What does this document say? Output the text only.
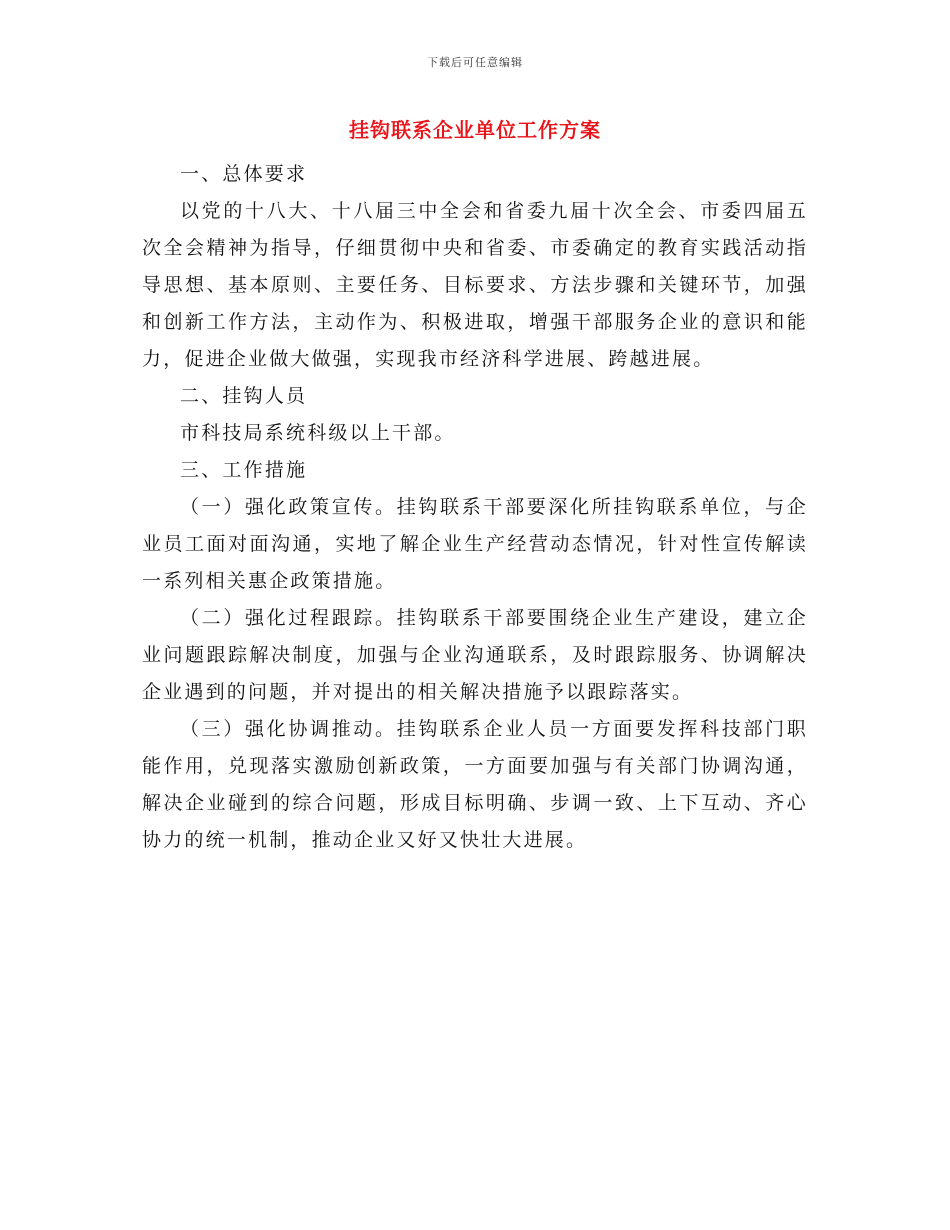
下载后可任意编辑
挂钩联系企业单位工作方案

一、总体要求

以党的十八大、十八届三中全会和省委九届十次全会、市委四届五次全会精神为指导，仔细贯彻中央和省委、市委确定的教育实践活动指导思想、基本原则、主要任务、目标要求、方法步骤和关键环节，加强和创新工作方法，主动作为、积极进取，增强干部服务企业的意识和能力，促进企业做大做强，实现我市经济科学进展、跨越进展。

二、挂钩人员

市科技局系统科级以上干部。

三、工作措施

（一）强化政策宣传。挂钩联系干部要深化所挂钩联系单位，与企业员工面对面沟通，实地了解企业生产经营动态情况，针对性宣传解读一系列相关惠企政策措施。

（二）强化过程跟踪。挂钩联系干部要围绕企业生产建设，建立企业问题跟踪解决制度，加强与企业沟通联系，及时跟踪服务、协调解决企业遇到的问题，并对提出的相关解决措施予以跟踪落实。

（三）强化协调推动。挂钩联系企业人员一方面要发挥科技部门职能作用，兑现落实激励创新政策，一方面要加强与有关部门协调沟通，解决企业碰到的综合问题，形成目标明确、步调一致、上下互动、齐心协力的统一机制，推动企业又好又快壮大进展。
